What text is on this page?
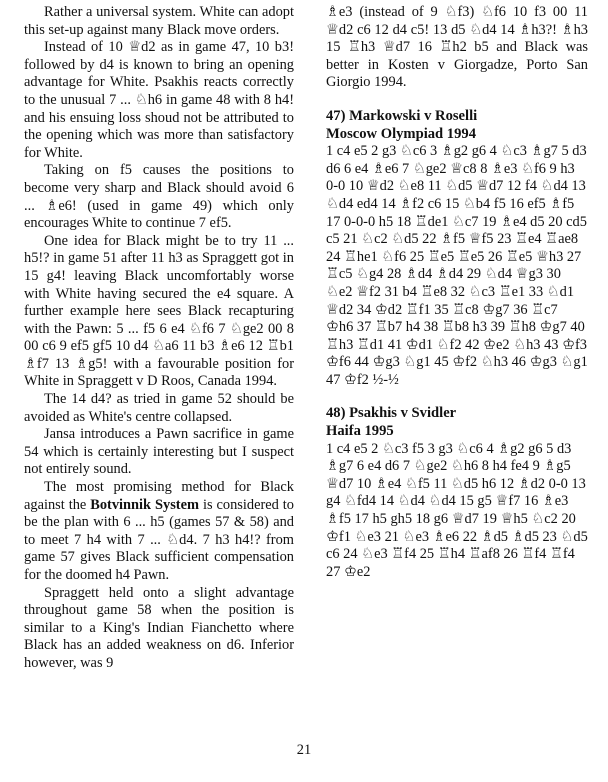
Rather a universal system. White can adopt this set-up against many Black move orders.

Instead of 10 ♕d2 as in game 47, 10 b3! followed by d4 is known to bring an opening advantage for White. Psakhis reacts correctly to the unusual 7 ... ♘h6 in game 48 with 8 h4! and his ensuing loss shoud not be attributed to the opening which was more than satisfactory for White.

Taking on f5 causes the positions to become very sharp and Black should avoid 6 ... ♗e6! (used in game 49) which only encourages White to continue 7 ef5.

One idea for Black might be to try 11 ... h5!? in game 51 after 11 h3 as Spraggett got in 15 g4! leaving Black uncomfortably worse with White having secured the e4 square. A further example here sees Black recapturing with the Pawn: 5 ... f5 6 e4 ♘f6 7 ♘ge2 00 8 00 c6 9 ef5 gf5 10 d4 ♘a6 11 b3 ♗e6 12 ♖b1 ♗f7 13 ♗g5! with a favourable position for White in Spraggett v D Roos, Canada 1994.

The 14 d4? as tried in game 52 should be avoided as White's centre collapsed.

Jansa introduces a Pawn sacrifice in game 54 which is certainly interesting but I suspect not entirely sound.

The most promising method for Black against the Botvinnik System is considered to be the plan with 6 ... h5 (games 57 & 58) and to meet 7 h4 with 7 ... ♘d4. 7 h3 h4!? from game 57 gives Black sufficient compensation for the doomed h4 Pawn.

Spraggett held onto a slight advantage throughout game 58 when the position is similar to a King's Indian Fianchetto where Black has an added weakness on d6. Inferior however, was 9

♗e3 (instead of 9 ♘f3) ♘f6 10 f3 00 11 ♕d2 c6 12 d4 c5! 13 d5 ♘d4 14 ♗h3?! ♗h3 15 ♖h3 ♕d7 16 ♖h2 b5 and Black was better in Kosten v Giorgadze, Porto San Giorgio 1994.

47) Markowski v Roselli

Moscow Olympiad 1994

1 c4 e5 2 g3 ♘c6 3 ♗g2 g6 4 ♘c3 ♗g7 5 d3 d6 6 e4 ♗e6 7 ♘ge2 ♕c8 8 ♗e3 ♘f6 9 h3 0-0 10 ♕d2 ♘e8 11 ♘d5 ♕d7 12 f4 ♘d4 13 ♘d4 ed4 14 ♗f2 c6 15 ♘b4 f5 16 ef5 ♗f5 17 0-0-0 h5 18 ♖de1 ♘c7 19 ♗e4 d5 20 cd5 c5 21 ♘c2 ♘d5 22 ♗f5 ♕f5 23 ♖e4 ♖ae8 24 ♖he1 ♘f6 25 ♖e5 ♖e5 26 ♖e5 ♕h3 27 ♖c5 ♘g4 28 ♗d4 ♗d4 29 ♘d4 ♕g3 30 ♘e2 ♕f2 31 b4 ♖e8 32 ♘c3 ♖e1 33 ♘d1 ♕d2 34 ♔d2 ♖f1 35 ♖c8 ♔g7 36 ♖c7 ♔h6 37 ♖b7 h4 38 ♖b8 h3 39 ♖h8 ♔g7 40 ♖h3 ♖d1 41 ♔d1 ♘f2 42 ♔e2 ♘h3 43 ♔f3 ♔f6 44 ♔g3 ♘g1 45 ♔f2 ♘h3 46 ♔g3 ♘g1 47 ♔f2 ½-½

48) Psakhis v Svidler

Haifa 1995

1 c4 e5 2 ♘c3 f5 3 g3 ♘c6 4 ♗g2 g6 5 d3 ♗g7 6 e4 d6 7 ♘ge2 ♘h6 8 h4 fe4 9 ♗g5 ♕d7 10 ♗e4 ♘f5 11 ♘d5 h6 12 ♗d2 0-0 13 g4 ♘fd4 14 ♘d4 ♘d4 15 g5 ♕f7 16 ♗e3 ♗f5 17 h5 gh5 18 g6 ♕d7 19 ♕h5 ♘c2 20 ♔f1 ♘e3 21 ♘e3 ♗e6 22 ♗d5 ♗d5 23 ♘d5 c6 24 ♘e3 ♖f4 25 ♖h4 ♖af8 26 ♖f4 ♖f4 27 ♔e2

21
